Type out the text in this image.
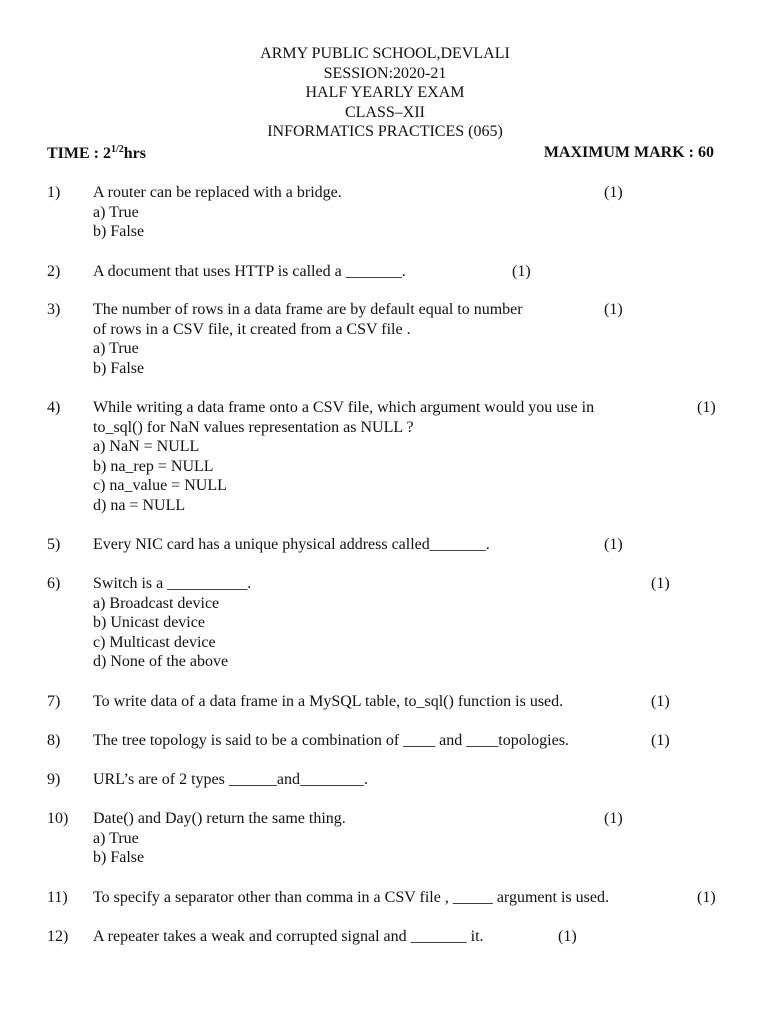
ARMY PUBLIC SCHOOL,DEVLALI
SESSION:2020-21
HALF YEARLY EXAM
CLASS–XII
INFORMATICS PRACTICES (065)
TIME : $2^{1/2}hrs$	MAXIMUM MARK : 60
1) A router can be replaced with a bridge.
a) True
b) False
(1)
2) A document that uses HTTP is called a _______.	(1)
3) The number of rows in a data frame are by default equal to number
of rows in a CSV file, it created from a CSV file .
a) True
b) False
(1)
4) While writing a data frame onto a CSV file, which argument would you use in
to_sql() for NaN values representation as NULL ?
a) NaN = NULL
b) na_rep = NULL
c) na_value = NULL
d) na = NULL
(1)
5) Every NIC card has a unique physical address called_______.	(1)
6) Switch is a __________.
a) Broadcast device
b) Unicast device
c) Multicast device
d) None of the above
(1)
7) To write data of a data frame in a MySQL table, to_sql() function is used.	(1)
8) The tree topology is said to be a combination of ____ and ____topologies.	(1)
9) URL’s are of 2 types ______and________.
10) Date() and Day() return the same thing.
a) True
b) False
(1)
11) To specify a separator other than comma in a CSV file , _____ argument is used.	(1)
12) A repeater takes a weak and corrupted signal and _______ it.	(1)
